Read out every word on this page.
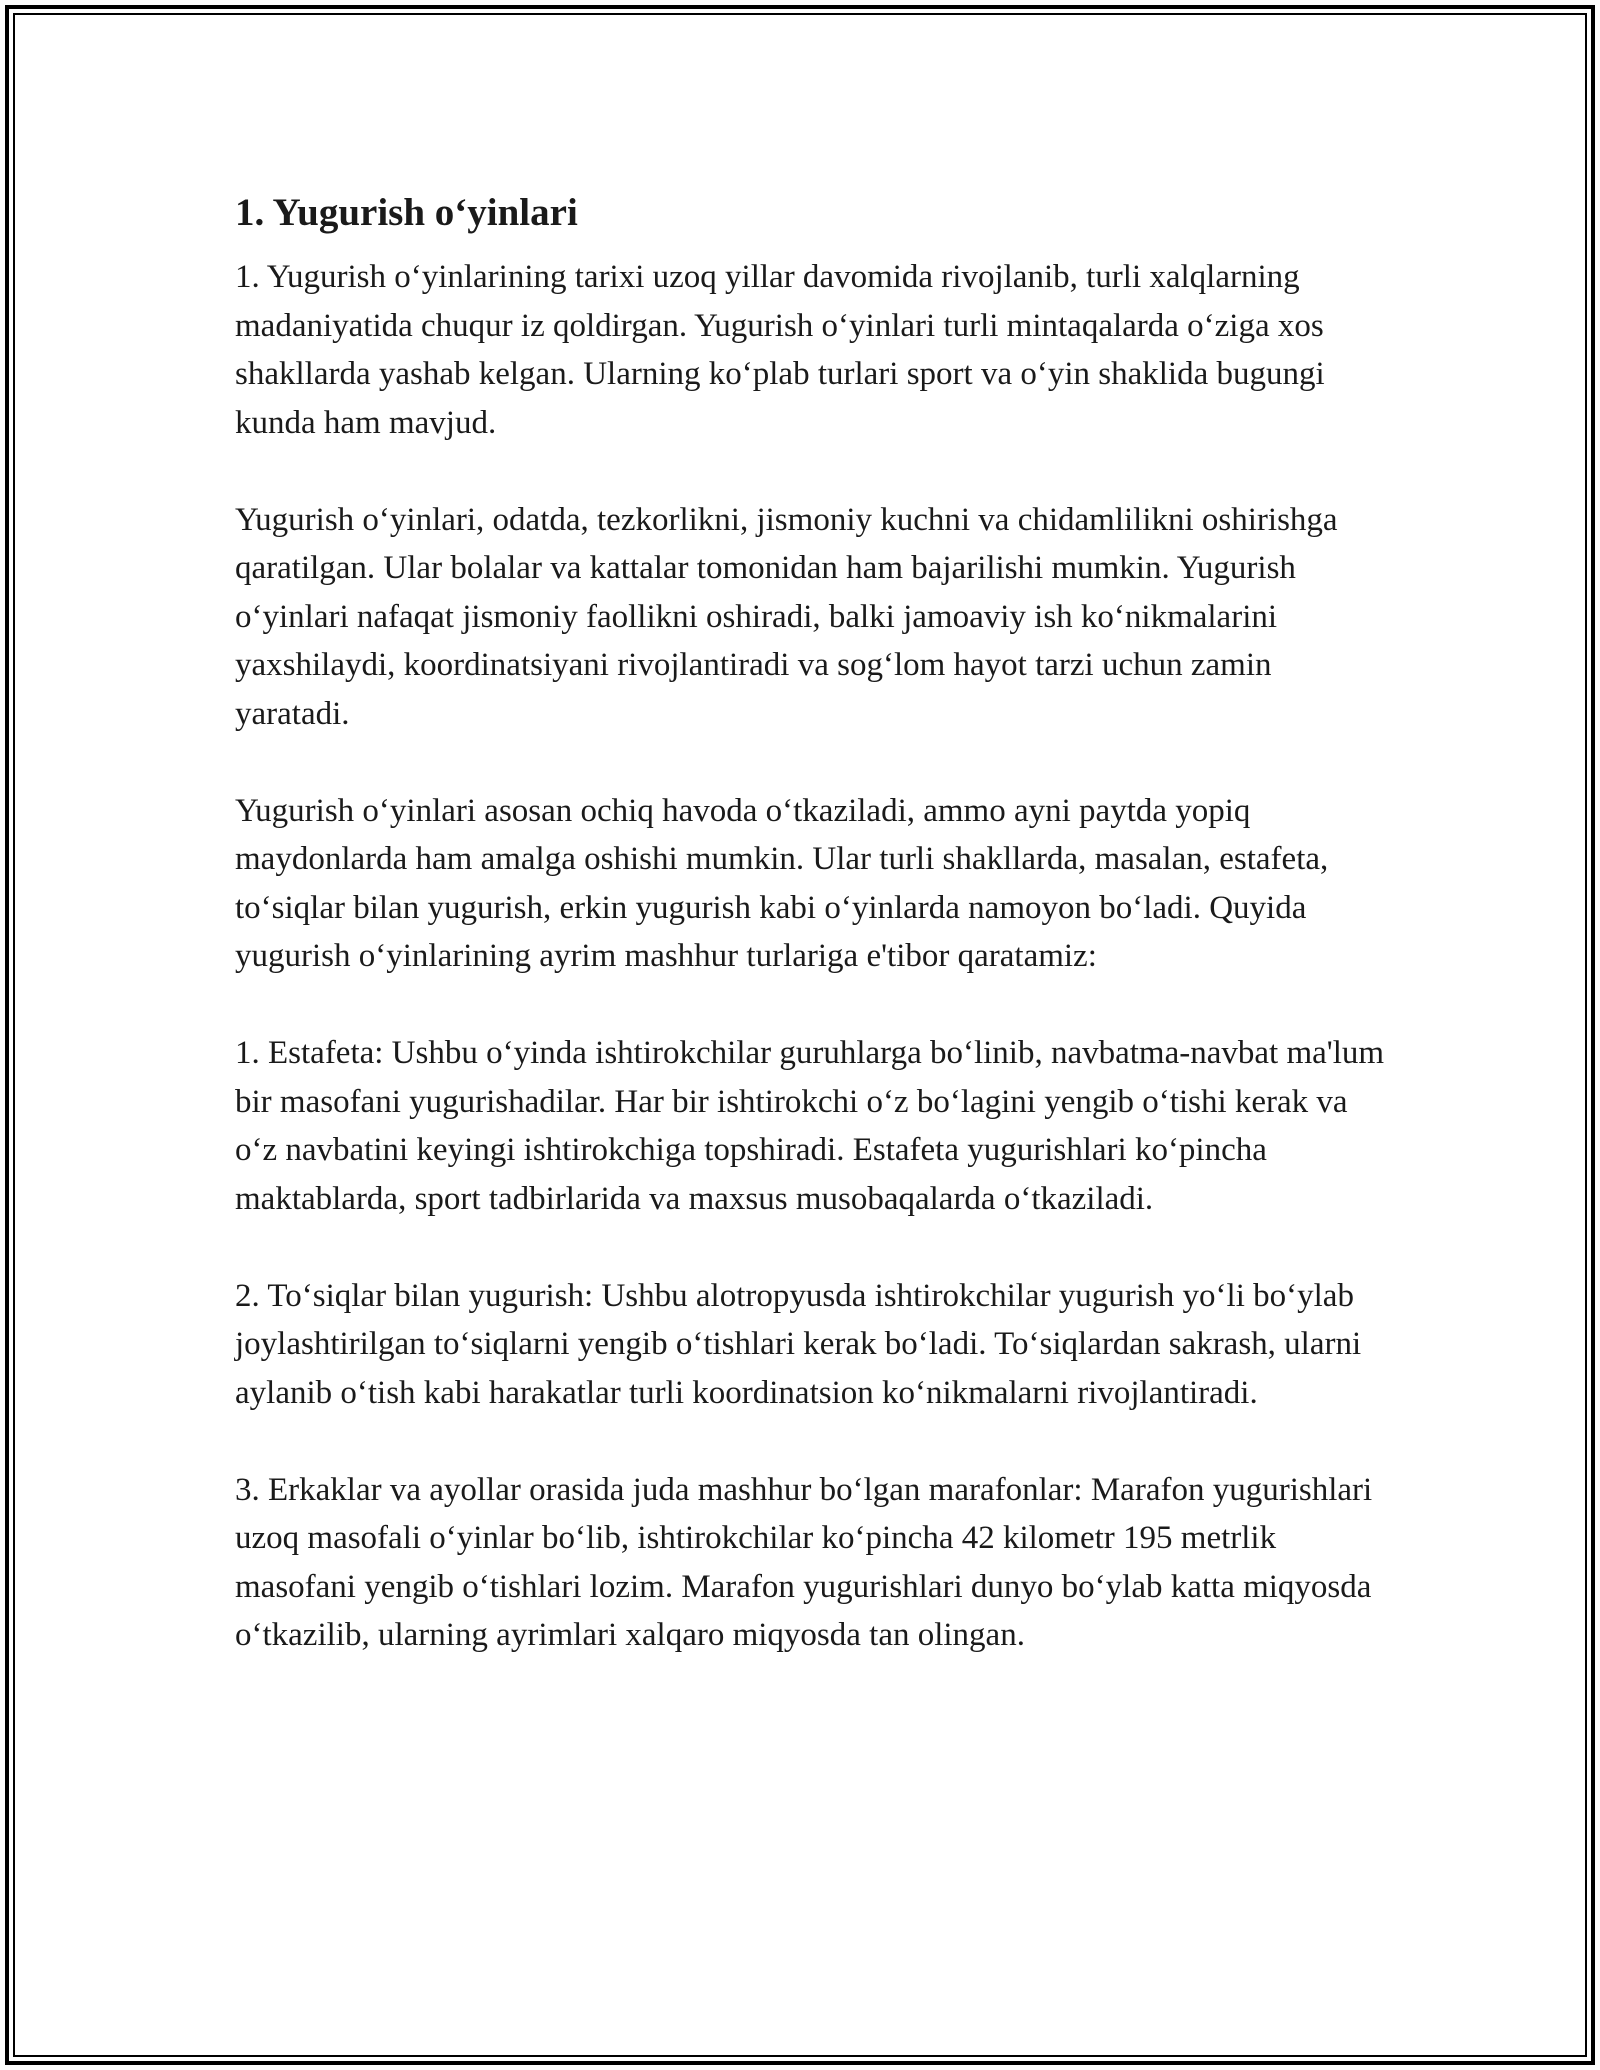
1. Yugurish o‘yinlari

1. Yugurish o‘yinlarining tarixi uzoq yillar davomida rivojlanib, turli xalqlarning madaniyatida chuqur iz qoldirgan. Yugurish o‘yinlari turli mintaqalarda o‘ziga xos shakllarda yashab kelgan. Ularning ko‘plab turlari sport va o‘yin shaklida bugungi kunda ham mavjud.

Yugurish o‘yinlari, odatda, tezkorlikni, jismoniy kuchni va chidamlilikni oshirishga qaratilgan. Ular bolalar va kattalar tomonidan ham bajarilishi mumkin. Yugurish o‘yinlari nafaqat jismoniy faollikni oshiradi, balki jamoaviy ish ko‘nikmalarini yaxshilaydi, koordinatsiyani rivojlantiradi va sog‘lom hayot tarzi uchun zamin yaratadi.

Yugurish o‘yinlari asosan ochiq havoda o‘tkaziladi, ammo ayni paytda yopiq maydonlarda ham amalga oshishi mumkin. Ular turli shakllarda, masalan, estafeta, to‘siqlar bilan yugurish, erkin yugurish kabi o‘yinlarda namoyon bo‘ladi. Quyida yugurish o‘yinlarining ayrim mashhur turlariga e'tibor qaratamiz:

1. Estafeta: Ushbu o‘yinda ishtirokchilar guruhlarga bo‘linib, navbatma-navbat ma'lum bir masofani yugurishadilar. Har bir ishtirokchi o‘z bo‘lagini yengib o‘tishi kerak va o‘z navbatini keyingi ishtirokchiga topshiradi. Estafeta yugurishlari ko‘pincha maktablarda, sport tadbirlarida va maxsus musobaqalarda o‘tkaziladi.

2. To‘siqlar bilan yugurish: Ushbu alotropyusda ishtirokchilar yugurish yo‘li bo‘ylab joylashtirilgan to‘siqlarni yengib o‘tishlari kerak bo‘ladi. To‘siqlardan sakrash, ularni aylanib o‘tish kabi harakatlar turli koordinatsion ko‘nikmalarni rivojlantiradi.

3. Erkaklar va ayollar orasida juda mashhur bo‘lgan marafonlar: Marafon yugurishlari uzoq masofali o‘yinlar bo‘lib, ishtirokchilar ko‘pincha 42 kilometr 195 metrlik masofani yengib o‘tishlari lozim. Marafon yugurishlari dunyo bo‘ylab katta miqyosda o‘tkazilib, ularning ayrimlari xalqaro miqyosda tan olingan.
